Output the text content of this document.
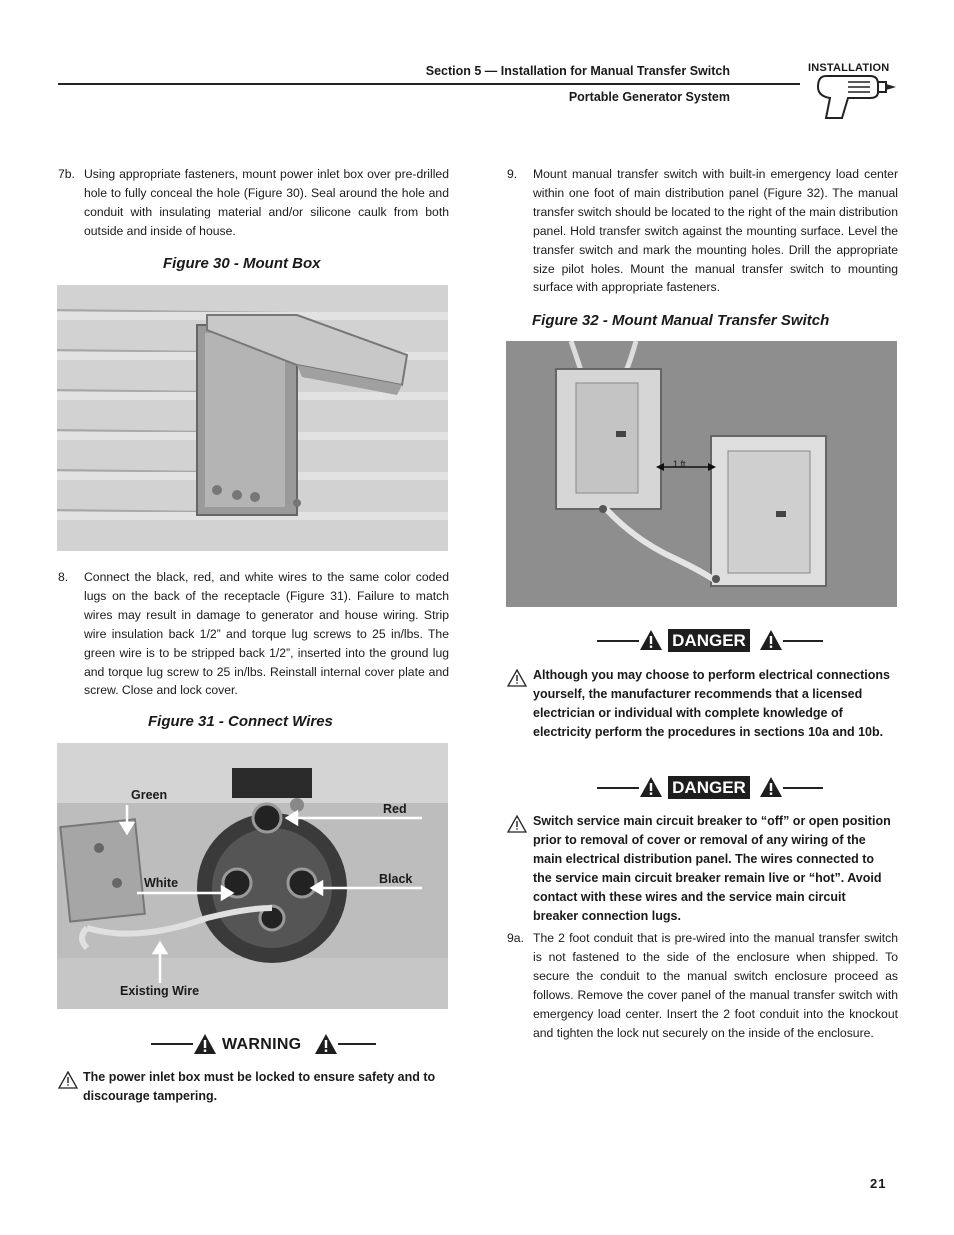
Section 5 — Installation for Manual Transfer Switch
Portable Generator System
INSTALLATION
7b. Using appropriate fasteners, mount power inlet box over pre-drilled hole to fully conceal the hole (Figure 30). Seal around the hole and conduit with insulating material and/or silicone caulk from both outside and inside of house.
Figure 30 - Mount Box
8.	Connect the black, red, and white wires to the same color coded lugs on the back of the receptacle (Figure 31). Failure to match wires may result in damage to generator and house wiring. Strip wire insulation back 1/2” and torque lug screws to 25 in/lbs. The green wire is to be stripped back 1/2”, inserted into the ground lug and torque lug screw to 25 in/lbs. Reinstall internal cover plate and screw. Close and lock cover.
Figure 31 - Connect Wires
Green
Red
White	Black
Existing Wire
WARNING
The power inlet box must be locked to ensure safety and to discourage tampering.
9.	Mount manual transfer switch with built-in emergency load center within one foot of main distribution panel (Figure 32). The manual transfer switch should be located to the right of the main distribution panel. Hold transfer switch against the mounting surface. Level the transfer switch and mark the mounting holes. Drill the appropriate size pilot holes. Mount the manual transfer switch to mounting surface with appropriate fasteners.
Figure 32 - Mount Manual Transfer Switch
1 ft
DANGER
Although you may choose to perform electrical connections yourself, the manufacturer recommends that a licensed electrician or individual with complete knowledge of electricity perform the procedures in sections 10a and 10b.
DANGER
Switch service main circuit breaker to “off” or open position prior to removal of cover or removal of any wiring of the main electrical distribution panel. The wires connected to the service main circuit breaker remain live or “hot”. Avoid contact with these wires and the service main circuit breaker connection lugs.
9a. The 2 foot conduit that is pre-wired into the manual transfer switch is not fastened to the side of the enclosure when shipped. To secure the conduit to the manual switch enclosure proceed as follows. Remove the cover panel of the manual transfer switch with emergency load center. Insert the 2 foot conduit into the knockout and tighten the lock nut securely on the inside of the enclosure.
21
